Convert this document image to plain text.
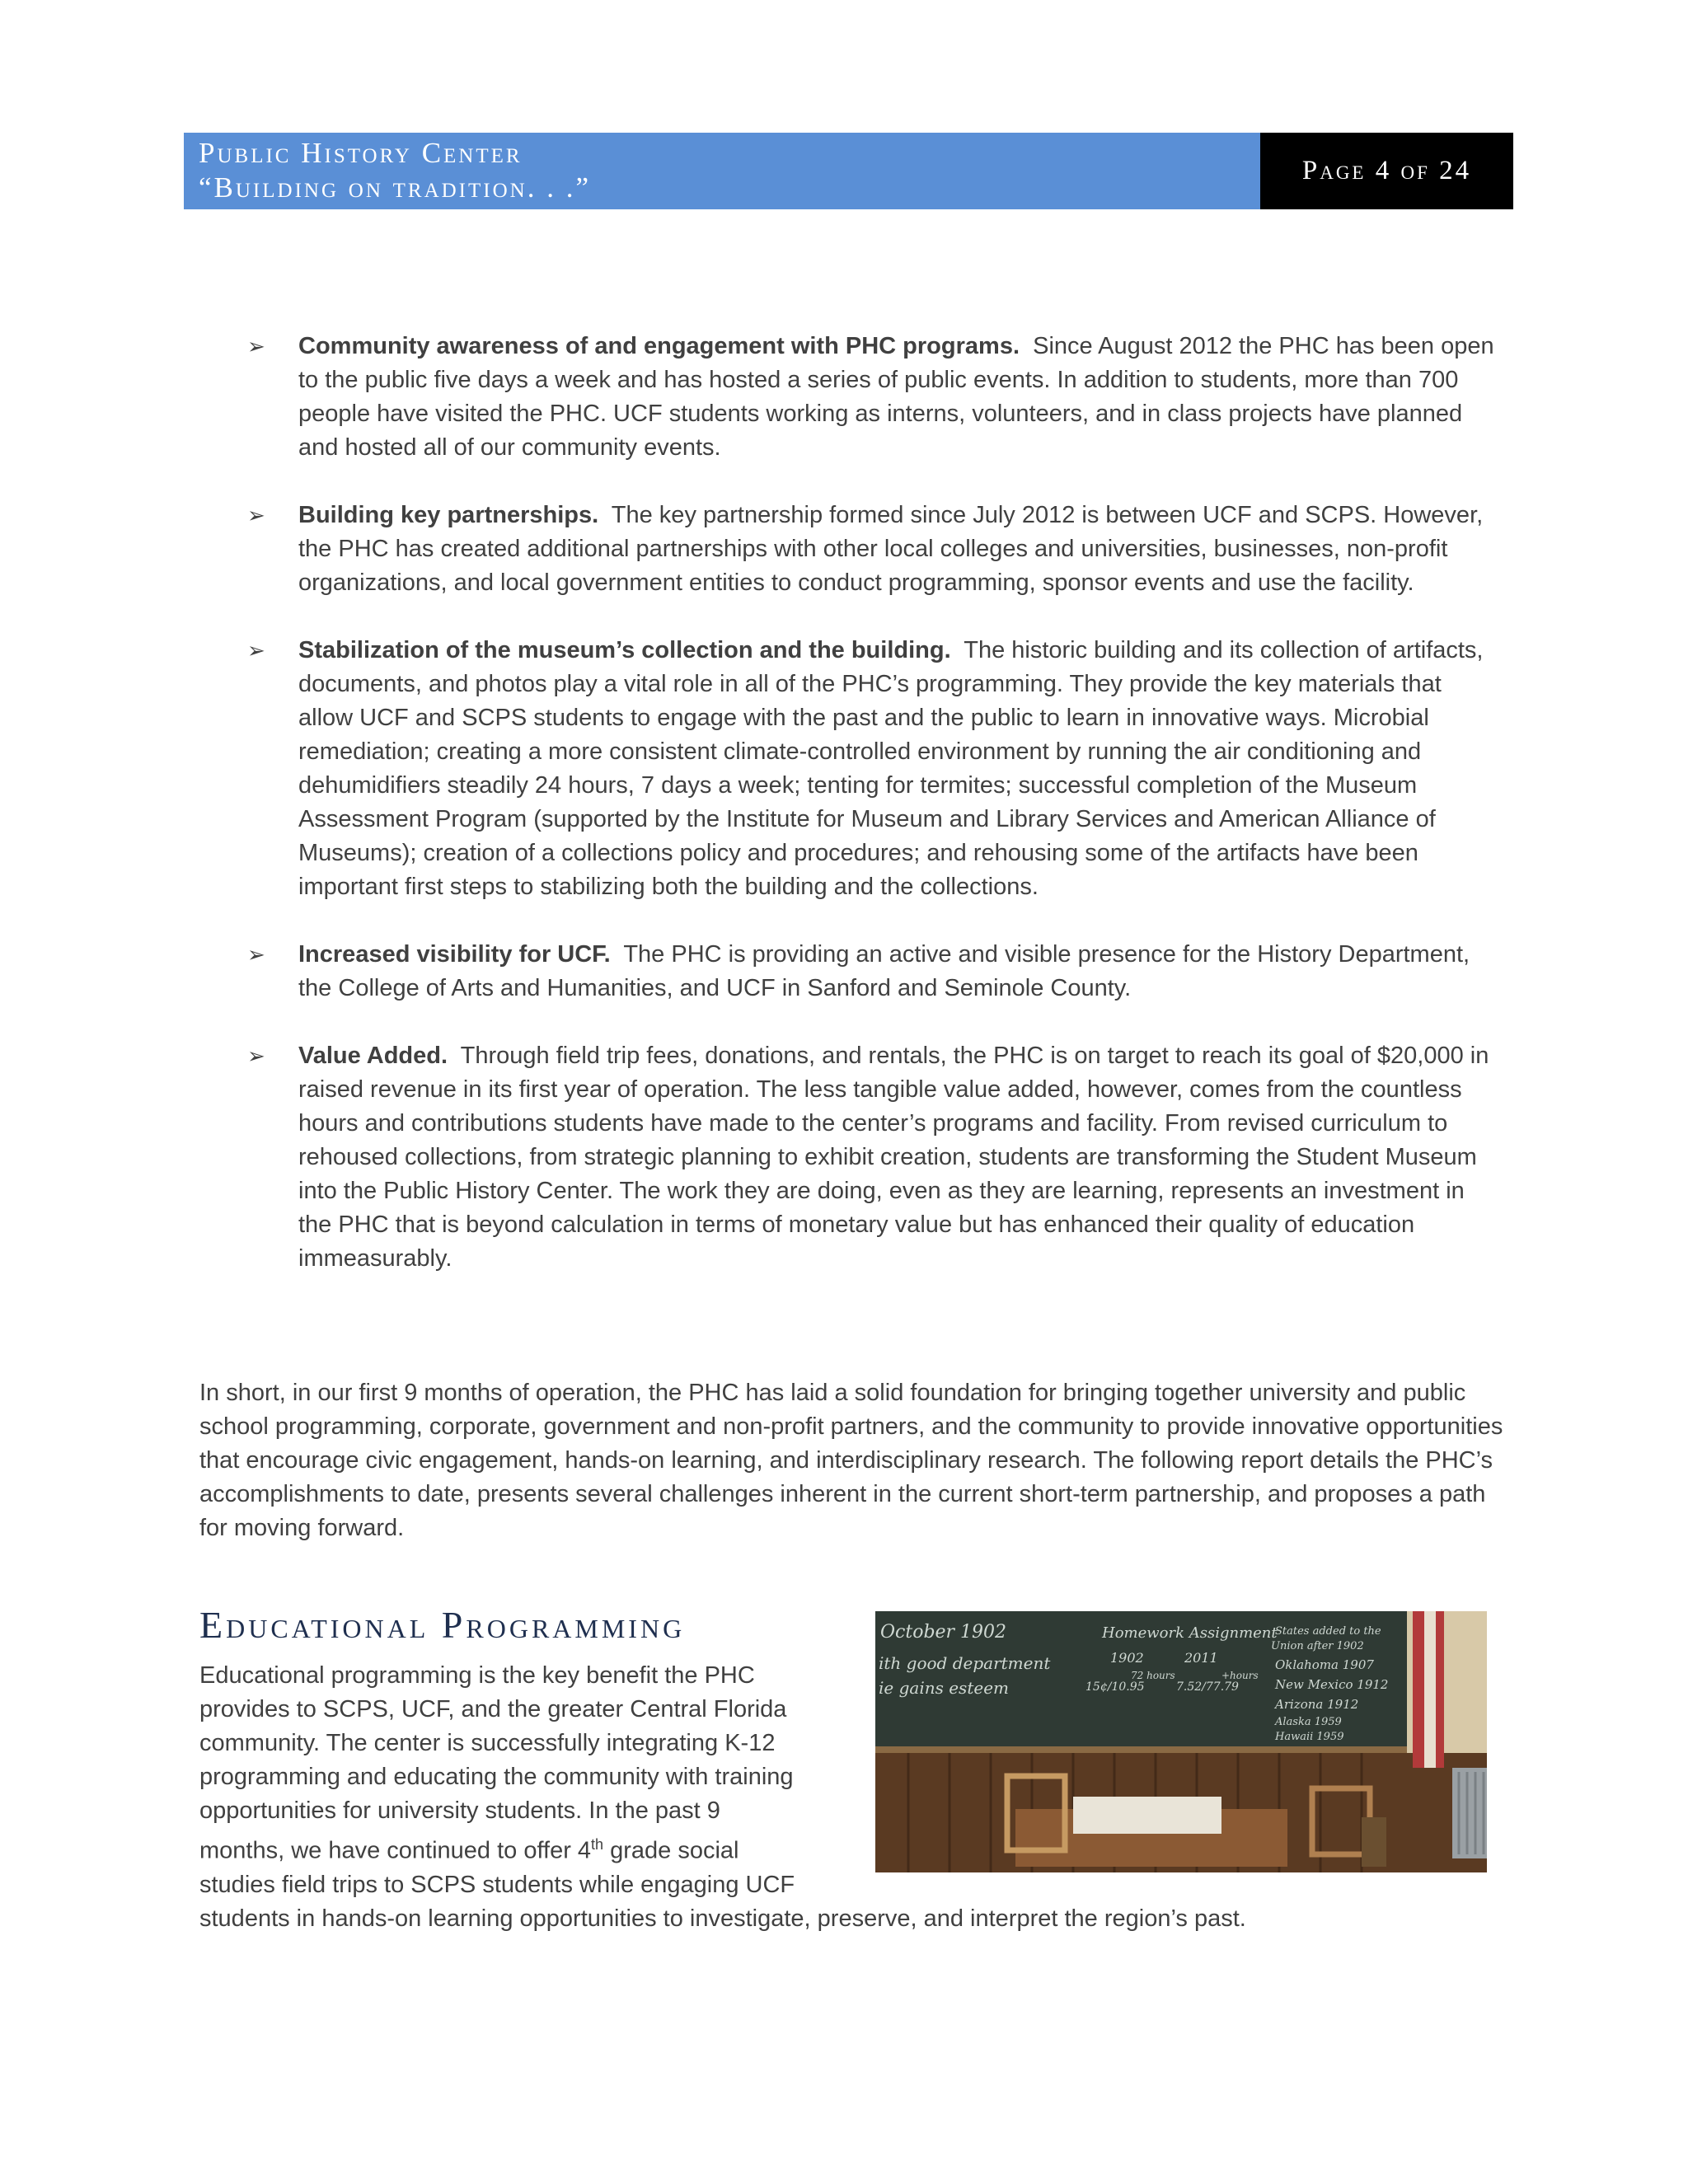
Public History Center
“Building on tradition. . .”
Page 4 of 24
➢ Community awareness of and engagement with PHC programs. Since August 2012 the PHC has been open to the public five days a week and has hosted a series of public events. In addition to students, more than 700 people have visited the PHC. UCF students working as interns, volunteers, and in class projects have planned and hosted all of our community events.
➢ Building key partnerships. The key partnership formed since July 2012 is between UCF and SCPS. However, the PHC has created additional partnerships with other local colleges and universities, businesses, non-profit organizations, and local government entities to conduct programming, sponsor events and use the facility.
➢ Stabilization of the museum’s collection and the building. The historic building and its collection of artifacts, documents, and photos play a vital role in all of the PHC’s programming. They provide the key materials that allow UCF and SCPS students to engage with the past and the public to learn in innovative ways. Microbial remediation; creating a more consistent climate-controlled environment by running the air conditioning and dehumidifiers steadily 24 hours, 7 days a week; tenting for termites; successful completion of the Museum Assessment Program (supported by the Institute for Museum and Library Services and American Alliance of Museums); creation of a collections policy and procedures; and rehousing some of the artifacts have been important first steps to stabilizing both the building and the collections.
➢ Increased visibility for UCF. The PHC is providing an active and visible presence for the History Department, the College of Arts and Humanities, and UCF in Sanford and Seminole County.
➢ Value Added. Through field trip fees, donations, and rentals, the PHC is on target to reach its goal of $20,000 in raised revenue in its first year of operation. The less tangible value added, however, comes from the countless hours and contributions students have made to the center’s programs and facility. From revised curriculum to rehoused collections, from strategic planning to exhibit creation, students are transforming the Student Museum into the Public History Center. The work they are doing, even as they are learning, represents an investment in the PHC that is beyond calculation in terms of monetary value but has enhanced their quality of education immeasurably.
In short, in our first 9 months of operation, the PHC has laid a solid foundation for bringing together university and public school programming, corporate, government and non-profit partners, and the community to provide innovative opportunities that encourage civic engagement, hands-on learning, and interdisciplinary research. The following report details the PHC’s accomplishments to date, presents several challenges inherent in the current short-term partnership, and proposes a path for moving forward.
Educational Programming
Educational programming is the key benefit the PHC
provides to SCPS, UCF, and the greater Central Florida
community. The center is successfully integrating K-12
programming and educating the community with training
opportunities for university students. In the past 9
months, we have continued to offer 4th grade social
studies field trips to SCPS students while engaging UCF
students in hands-on learning opportunities to investigate, preserve, and interpret the region’s past.
October 1902
ith good department
ie gains esteem
Homework Assignment
1902	2011
72 hours	+hours
15¢/10.95	7.52/77.79
States added to the
Union after 1902
Oklahoma 1907
New Mexico 1912
Arizona 1912
Alaska 1959
Hawaii 1959
